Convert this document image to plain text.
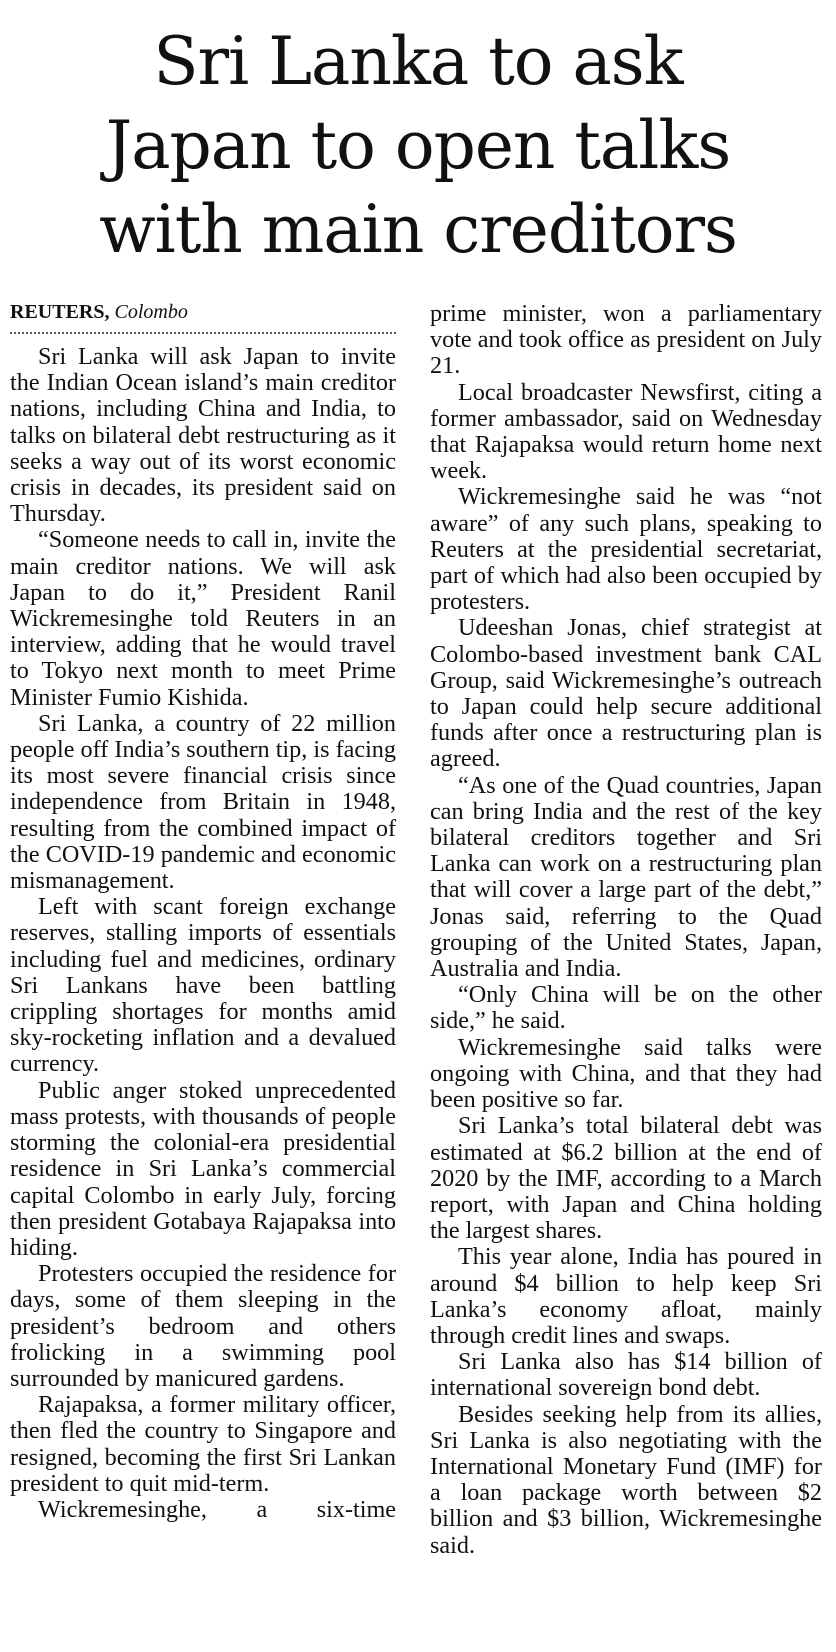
Sri Lanka to ask
Japan to open talks
with main creditors
REUTERS, Colombo

Sri Lanka will ask Japan to invite the Indian Ocean island’s main creditor nations, including China and India, to talks on bilateral debt restructuring as it seeks a way out of its worst economic crisis in decades, its president said on Thursday.

“Someone needs to call in, invite the main creditor nations. We will ask Japan to do it,” President Ranil Wickremesinghe told Reuters in an interview, adding that he would travel to Tokyo next month to meet Prime Minister Fumio Kishida.

Sri Lanka, a country of 22 million people off India’s southern tip, is facing its most severe financial crisis since independence from Britain in 1948, resulting from the combined impact of the COVID-19 pandemic and economic mismanagement.

Left with scant foreign exchange reserves, stalling imports of essentials including fuel and medicines, ordinary Sri Lankans have been battling crippling shortages for months amid sky-rocketing inflation and a devalued currency.

Public anger stoked unprecedented mass protests, with thousands of people storming the colonial-era presidential residence in Sri Lanka’s commercial capital Colombo in early July, forcing then president Gotabaya Rajapaksa into hiding.

Protesters occupied the residence for days, some of them sleeping in the president’s bedroom and others frolicking in a swimming pool surrounded by manicured gardens.

Rajapaksa, a former military officer, then fled the country to Singapore and resigned, becoming the first Sri Lankan president to quit mid-term.

Wickremesinghe, a six-time

prime minister, won a parliamentary vote and took office as president on July 21.

Local broadcaster Newsfirst, citing a former ambassador, said on Wednesday that Rajapaksa would return home next week.

Wickremesinghe said he was “not aware” of any such plans, speaking to Reuters at the presidential secretariat, part of which had also been occupied by protesters.

Udeeshan Jonas, chief strategist at Colombo-based investment bank CAL Group, said Wickremesinghe’s outreach to Japan could help secure additional funds after once a restructuring plan is agreed.

“As one of the Quad countries, Japan can bring India and the rest of the key bilateral creditors together and Sri Lanka can work on a restructuring plan that will cover a large part of the debt,” Jonas said, referring to the Quad grouping of the United States, Japan, Australia and India.

“Only China will be on the other side,” he said.

Wickremesinghe said talks were ongoing with China, and that they had been positive so far.

Sri Lanka’s total bilateral debt was estimated at $6.2 billion at the end of 2020 by the IMF, according to a March report, with Japan and China holding the largest shares.

This year alone, India has poured in around $4 billion to help keep Sri Lanka’s economy afloat, mainly through credit lines and swaps.

Sri Lanka also has $14 billion of international sovereign bond debt.

Besides seeking help from its allies, Sri Lanka is also negotiating with the International Monetary Fund (IMF) for a loan package worth between $2 billion and $3 billion, Wickremesinghe said.
